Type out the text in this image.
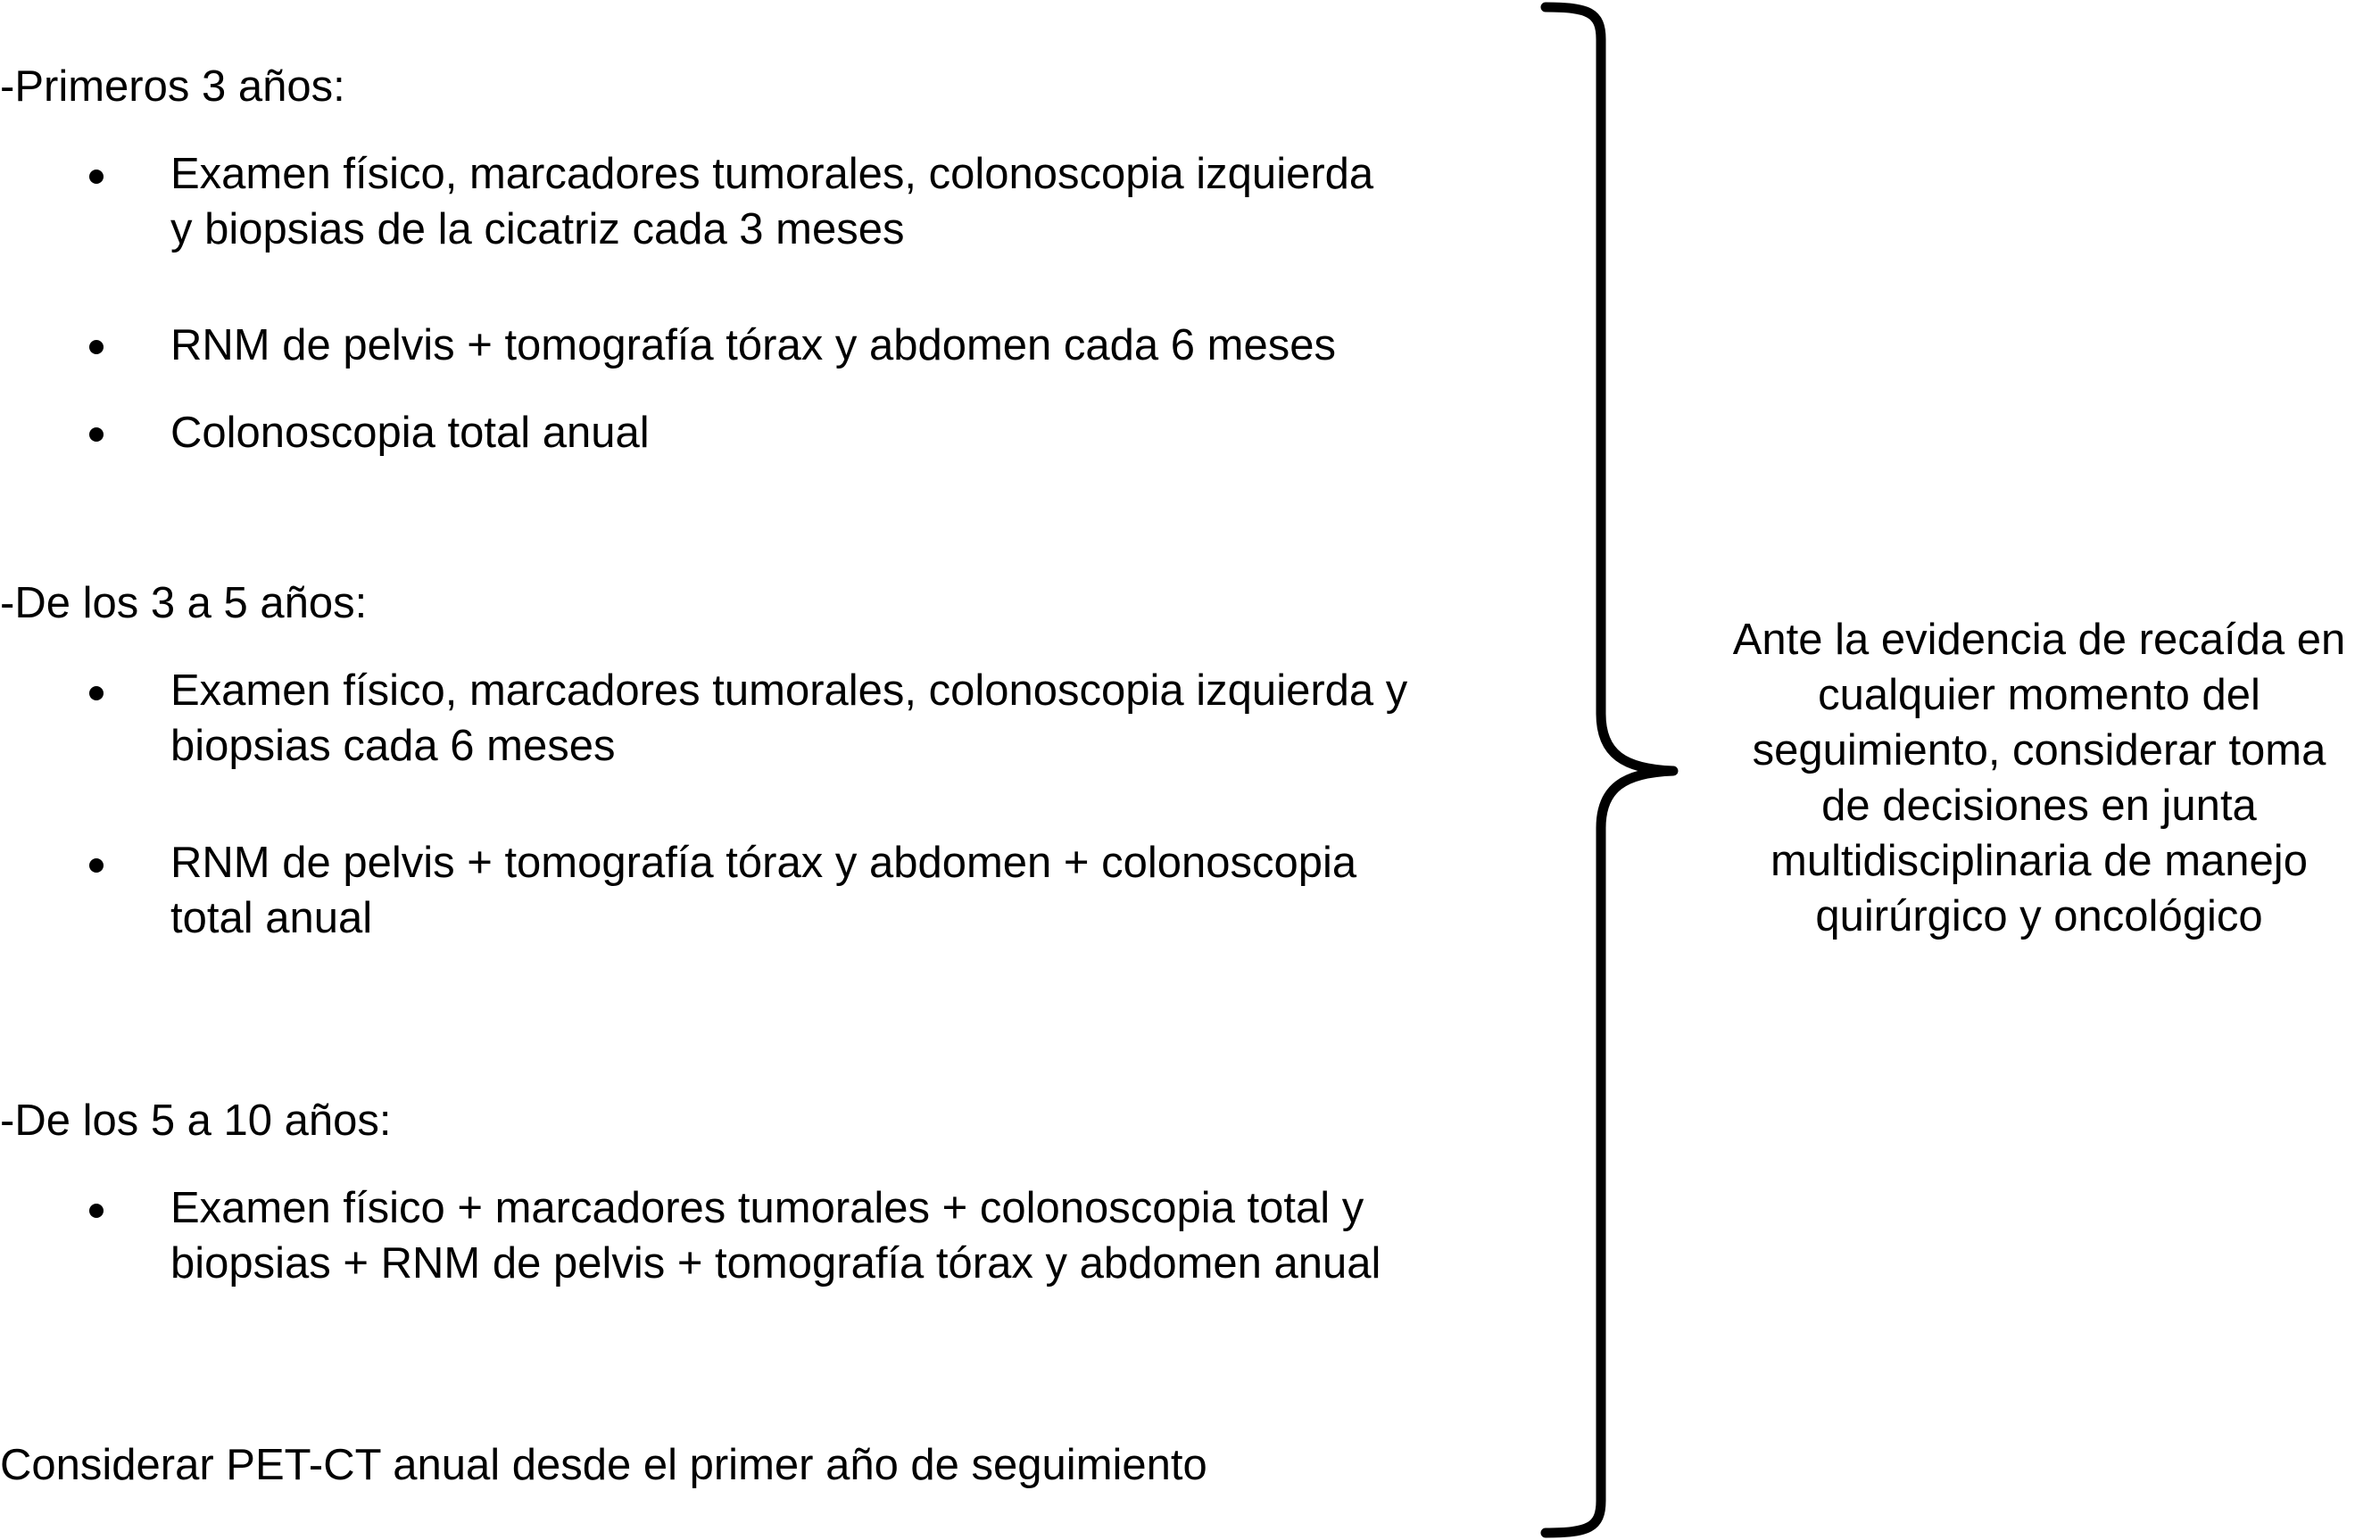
-Primeros 3 años:
Examen físico, marcadores tumorales, colonoscopia izquierda
y biopsias de la cicatriz cada 3 meses
RNM de pelvis + tomografía tórax y abdomen cada 6 meses
Colonoscopia total anual
-De los 3 a 5 años:
Examen físico, marcadores tumorales, colonoscopia izquierda y
biopsias cada 6 meses
RNM de pelvis + tomografía tórax y abdomen + colonoscopia
total anual
-De los 5 a 10 años:
Examen físico + marcadores tumorales + colonoscopia total y
biopsias + RNM de pelvis + tomografía tórax y abdomen anual
Considerar PET-CT anual desde el primer año de seguimiento
Ante la evidencia de recaída en
cualquier momento del
seguimiento, considerar toma
de decisiones en junta
multidisciplinaria de manejo
quirúrgico y oncológico
